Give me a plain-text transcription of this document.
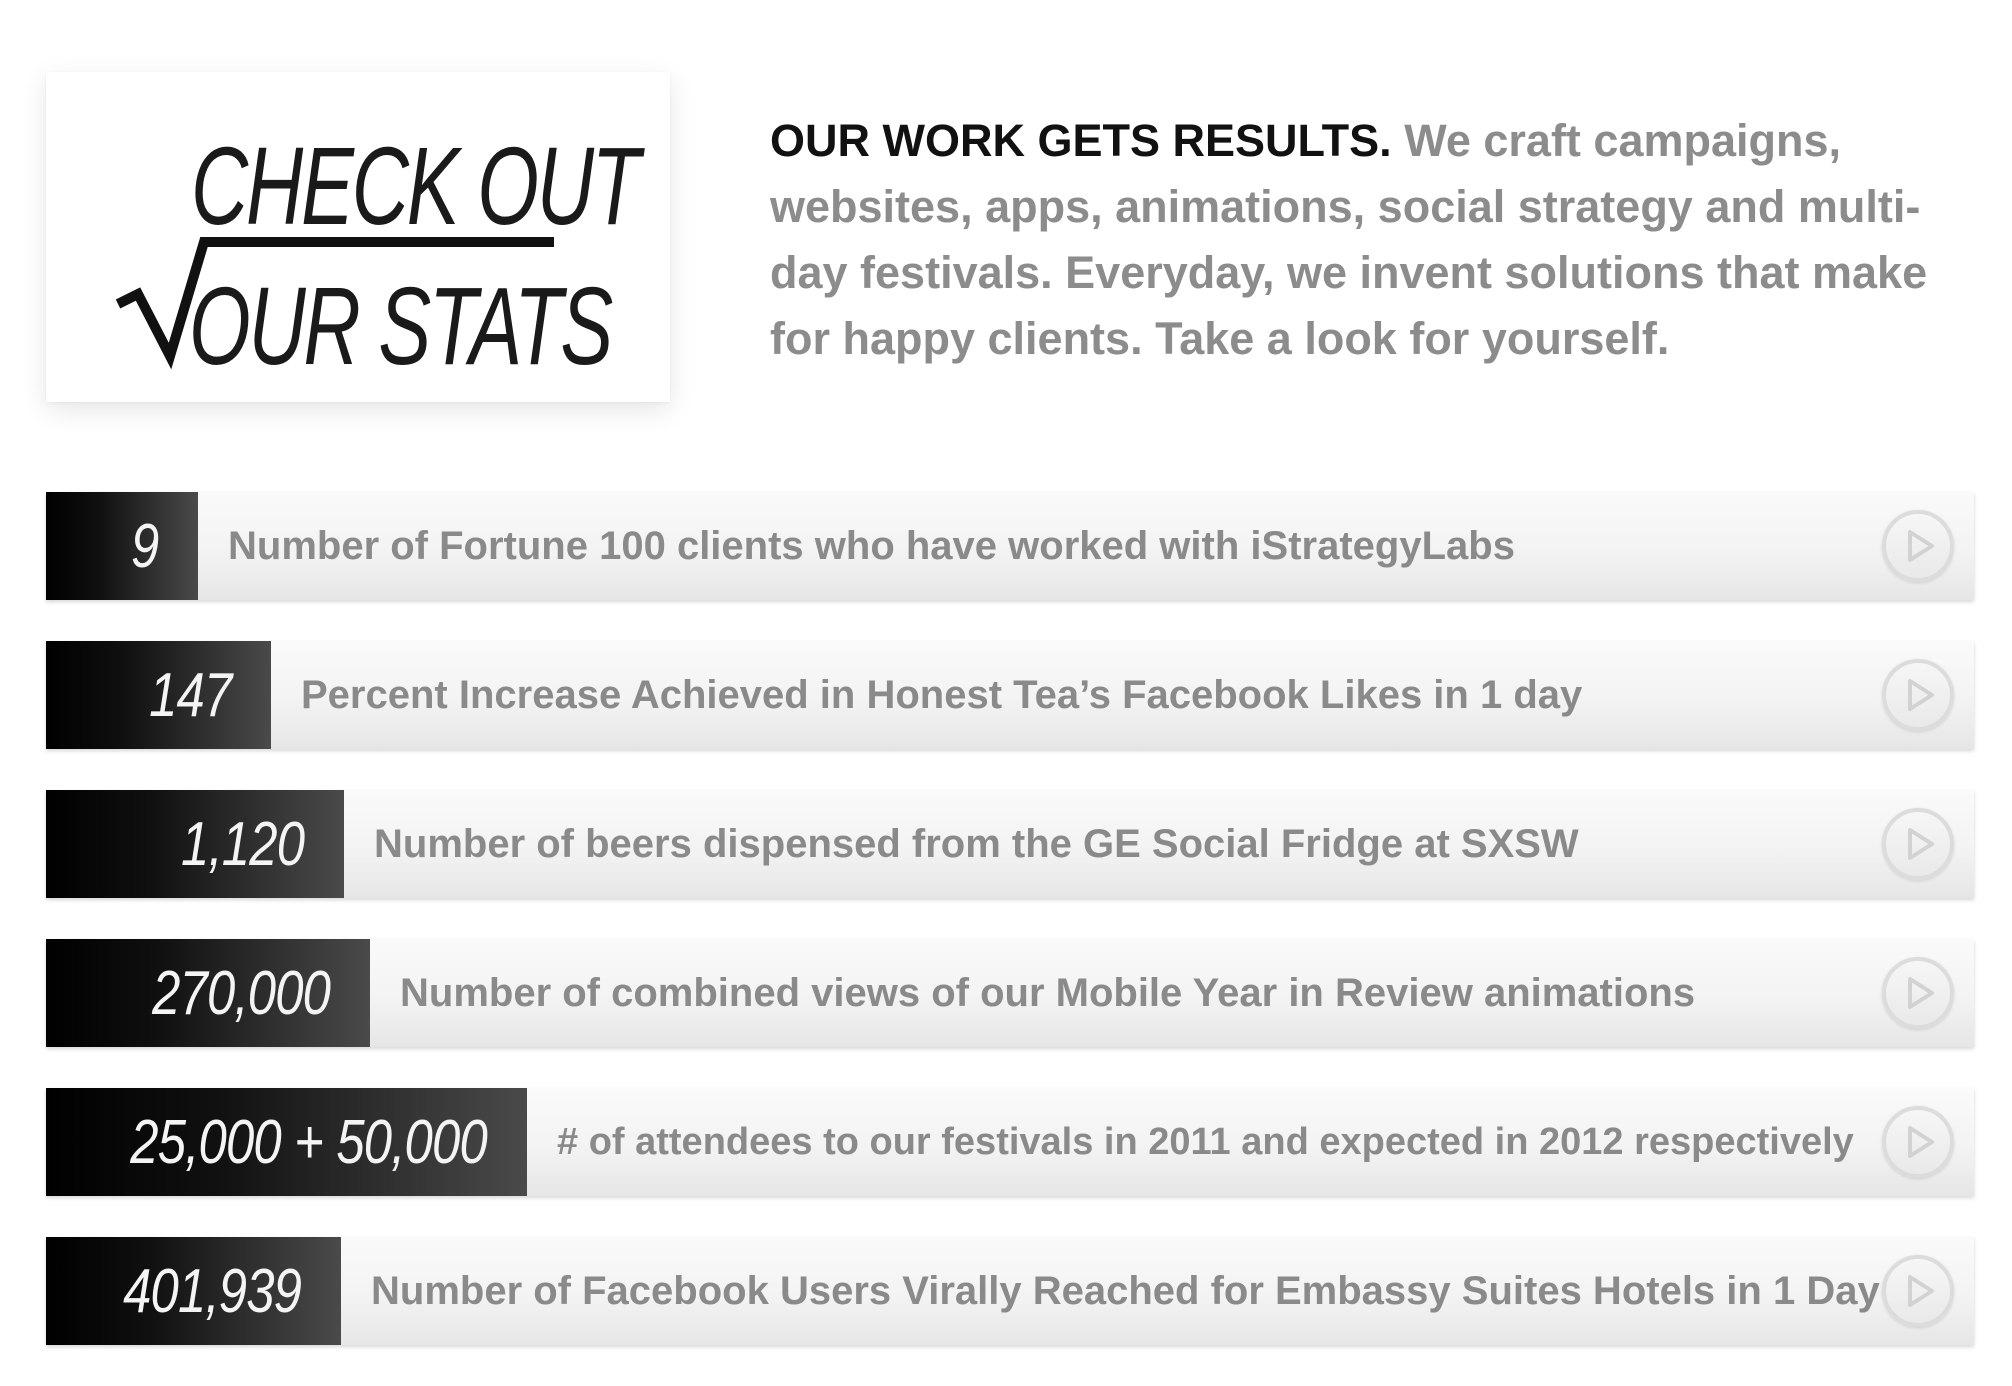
CHECK OUT
OUR STATS
OUR WORK GETS RESULTS. We craft campaigns, websites, apps, animations, social strategy and multi-day festivals. Everyday, we invent solutions that make for happy clients. Take a look for yourself.
9	Number of Fortune 100 clients who have worked with iStrategyLabs
147	Percent Increase Achieved in Honest Tea’s Facebook Likes in 1 day
1,120	Number of beers dispensed from the GE Social Fridge at SXSW
270,000	Number of combined views of our Mobile Year in Review animations
25,000 + 50,000	# of attendees to our festivals in 2011 and expected in 2012 respectively
401,939	Number of Facebook Users Virally Reached for Embassy Suites Hotels in 1 Day
